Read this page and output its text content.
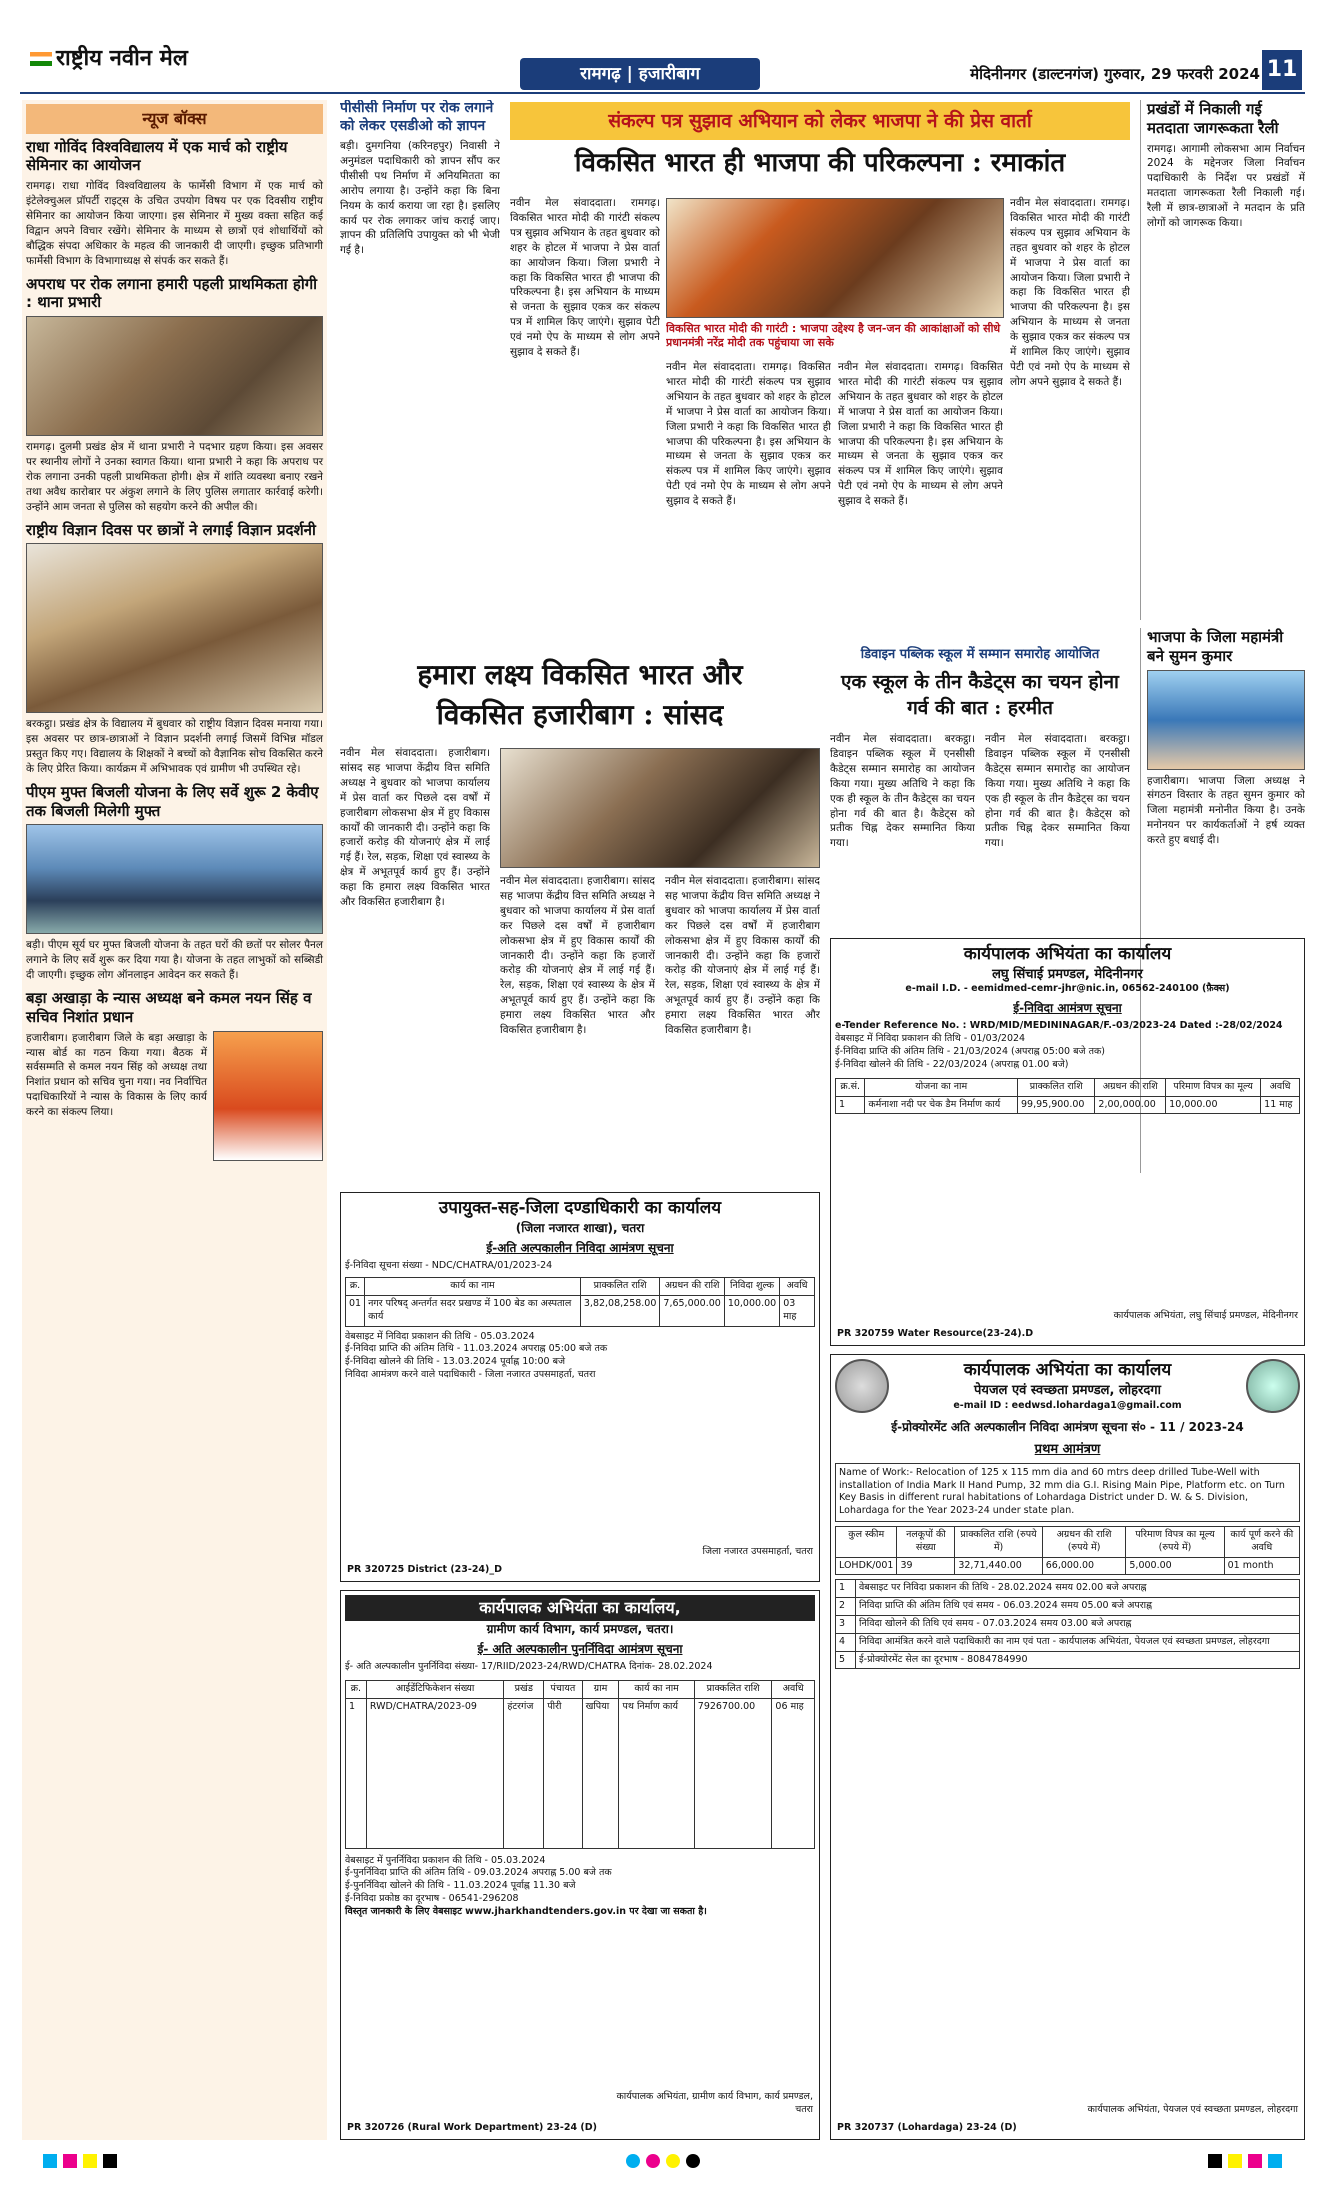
राष्ट्रीय नवीन मेल
रामगढ़ | हजारीबाग	मेदिनीनगर (डाल्टनगंज) गुरुवार, 29 फरवरी 2024 11
न्यूज बॉक्स
राधा गोविंद विश्वविद्यालय में एक मार्च को राष्ट्रीय सेमिनार का आयोजन

रामगढ़। राधा गोविंद विश्वविद्यालय के फार्मेसी विभाग में एक मार्च को इंटेलेक्चुअल प्रॉपर्टी राइट्स के उचित उपयोग विषय पर एक दिवसीय राष्ट्रीय सेमिनार का आयोजन किया जाएगा। इस सेमिनार में मुख्य वक्ता सहित कई विद्वान अपने विचार रखेंगे। सेमिनार के माध्यम से छात्रों एवं शोधार्थियों को बौद्धिक संपदा अधिकार के महत्व की जानकारी दी जाएगी। इच्छुक प्रतिभागी फार्मेसी विभाग के विभागाध्यक्ष से संपर्क कर सकते हैं।

अपराध पर रोक लगाना हमारी पहली प्राथमिकता होगी : थाना प्रभारी

रामगढ़। दुलमी प्रखंड क्षेत्र में थाना प्रभारी ने पदभार ग्रहण किया। इस अवसर पर स्थानीय लोगों ने उनका स्वागत किया। थाना प्रभारी ने कहा कि अपराध पर रोक लगाना उनकी पहली प्राथमिकता होगी। क्षेत्र में शांति व्यवस्था बनाए रखने तथा अवैध कारोबार पर अंकुश लगाने के लिए पुलिस लगातार कार्रवाई करेगी। उन्होंने आम जनता से पुलिस को सहयोग करने की अपील की।

राष्ट्रीय विज्ञान दिवस पर छात्रों ने लगाई विज्ञान प्रदर्शनी

बरकट्ठा। प्रखंड क्षेत्र के विद्यालय में बुधवार को राष्ट्रीय विज्ञान दिवस मनाया गया। इस अवसर पर छात्र-छात्राओं ने विज्ञान प्रदर्शनी लगाई जिसमें विभिन्न मॉडल प्रस्तुत किए गए। विद्यालय के शिक्षकों ने बच्चों को वैज्ञानिक सोच विकसित करने के लिए प्रेरित किया। कार्यक्रम में अभिभावक एवं ग्रामीण भी उपस्थित रहे।

पीएम मुफ्त बिजली योजना के लिए सर्वे शुरू 2 केवीए तक बिजली मिलेगी मुफ्त

बड़ी। पीएम सूर्य घर मुफ्त बिजली योजना के तहत घरों की छतों पर सोलर पैनल लगाने के लिए सर्वे शुरू कर दिया गया है। योजना के तहत लाभुकों को सब्सिडी दी जाएगी। इच्छुक लोग ऑनलाइन आवेदन कर सकते हैं।

बड़ा अखाड़ा के न्यास अध्यक्ष बने कमल नयन सिंह व सचिव निशांत प्रधान

हजारीबाग। हजारीबाग जिले के बड़ा अखाड़ा के न्यास बोर्ड का गठन किया गया। बैठक में सर्वसम्मति से कमल नयन सिंह को अध्यक्ष तथा निशांत प्रधान को सचिव चुना गया। नव निर्वाचित पदाधिकारियों ने न्यास के विकास के लिए कार्य करने का संकल्प लिया।

पीसीसी निर्माण पर रोक लगाने को लेकर एसडीओ को ज्ञापन

बड़ी। दुमगनिया (करिनहपुर) निवासी ने अनुमंडल पदाधिकारी को ज्ञापन सौंप कर पीसीसी पथ निर्माण में अनियमितता का आरोप लगाया है। उन्होंने कहा कि बिना नियम के कार्य कराया जा रहा है। इसलिए कार्य पर रोक लगाकर जांच कराई जाए। ज्ञापन की प्रतिलिपि उपायुक्त को भी भेजी गई है।

संकल्प पत्र सुझाव अभियान को लेकर भाजपा ने की प्रेस वार्ता
विकसित भारत ही भाजपा की परिकल्पना : रमाकांत

नवीन मेल संवाददाता। रामगढ़। विकसित भारत मोदी की गारंटी संकल्प पत्र सुझाव अभियान के तहत बुधवार को शहर के होटल में भाजपा ने प्रेस वार्ता का आयोजन किया। जिला प्रभारी ने कहा कि विकसित भारत ही भाजपा की परिकल्पना है। इस अभियान के माध्यम से जनता के सुझाव एकत्र कर संकल्प पत्र में शामिल किए जाएंगे। सुझाव पेटी एवं नमो ऐप के माध्यम से लोग अपने सुझाव दे सकते हैं।

विकसित भारत मोदी की गारंटी : भाजपा उद्देश्य है जन-जन की आकांक्षाओं को सीधे प्रधानमंत्री नरेंद्र मोदी तक पहुंचाया जा सके

नवीन मेल संवाददाता। रामगढ़। विकसित भारत मोदी की गारंटी संकल्प पत्र सुझाव अभियान के तहत बुधवार को शहर के होटल में भाजपा ने प्रेस वार्ता का आयोजन किया। जिला प्रभारी ने कहा कि विकसित भारत ही भाजपा की परिकल्पना है। इस अभियान के माध्यम से जनता के सुझाव एकत्र कर संकल्प पत्र में शामिल किए जाएंगे। सुझाव पेटी एवं नमो ऐप के माध्यम से लोग अपने सुझाव दे सकते हैं।

नवीन मेल संवाददाता। रामगढ़। विकसित भारत मोदी की गारंटी संकल्प पत्र सुझाव अभियान के तहत बुधवार को शहर के होटल में भाजपा ने प्रेस वार्ता का आयोजन किया। जिला प्रभारी ने कहा कि विकसित भारत ही भाजपा की परिकल्पना है। इस अभियान के माध्यम से जनता के सुझाव एकत्र कर संकल्प पत्र में शामिल किए जाएंगे। सुझाव पेटी एवं नमो ऐप के माध्यम से लोग अपने सुझाव दे सकते हैं।

नवीन मेल संवाददाता। रामगढ़। विकसित भारत मोदी की गारंटी संकल्प पत्र सुझाव अभियान के तहत बुधवार को शहर के होटल में भाजपा ने प्रेस वार्ता का आयोजन किया। जिला प्रभारी ने कहा कि विकसित भारत ही भाजपा की परिकल्पना है। इस अभियान के माध्यम से जनता के सुझाव एकत्र कर संकल्प पत्र में शामिल किए जाएंगे। सुझाव पेटी एवं नमो ऐप के माध्यम से लोग अपने सुझाव दे सकते हैं।

प्रखंडों में निकाली गई मतदाता जागरूकता रैली

रामगढ़। आगामी लोकसभा आम निर्वाचन 2024 के मद्देनजर जिला निर्वाचन पदाधिकारी के निर्देश पर प्रखंडों में मतदाता जागरूकता रैली निकाली गई। रैली में छात्र-छात्राओं ने मतदान के प्रति लोगों को जागरूक किया।

भाजपा के जिला महामंत्री बने सुमन कुमार

हजारीबाग। भाजपा जिला अध्यक्ष ने संगठन विस्तार के तहत सुमन कुमार को जिला महामंत्री मनोनीत किया है। उनके मनोनयन पर कार्यकर्ताओं ने हर्ष व्यक्त करते हुए बधाई दी।

हमारा लक्ष्य विकसित भारत और
विकसित हजारीबाग : सांसद

नवीन मेल संवाददाता। हजारीबाग। सांसद सह भाजपा केंद्रीय वित्त समिति अध्यक्ष ने बुधवार को भाजपा कार्यालय में प्रेस वार्ता कर पिछले दस वर्षों में हजारीबाग लोकसभा क्षेत्र में हुए विकास कार्यों की जानकारी दी। उन्होंने कहा कि हजारों करोड़ की योजनाएं क्षेत्र में लाई गई हैं। रेल, सड़क, शिक्षा एवं स्वास्थ्य के क्षेत्र में अभूतपूर्व कार्य हुए हैं। उन्होंने कहा कि हमारा लक्ष्य विकसित भारत और विकसित हजारीबाग है।

नवीन मेल संवाददाता। हजारीबाग। सांसद सह भाजपा केंद्रीय वित्त समिति अध्यक्ष ने बुधवार को भाजपा कार्यालय में प्रेस वार्ता कर पिछले दस वर्षों में हजारीबाग लोकसभा क्षेत्र में हुए विकास कार्यों की जानकारी दी। उन्होंने कहा कि हजारों करोड़ की योजनाएं क्षेत्र में लाई गई हैं। रेल, सड़क, शिक्षा एवं स्वास्थ्य के क्षेत्र में अभूतपूर्व कार्य हुए हैं। उन्होंने कहा कि हमारा लक्ष्य विकसित भारत और विकसित हजारीबाग है।

नवीन मेल संवाददाता। हजारीबाग। सांसद सह भाजपा केंद्रीय वित्त समिति अध्यक्ष ने बुधवार को भाजपा कार्यालय में प्रेस वार्ता कर पिछले दस वर्षों में हजारीबाग लोकसभा क्षेत्र में हुए विकास कार्यों की जानकारी दी। उन्होंने कहा कि हजारों करोड़ की योजनाएं क्षेत्र में लाई गई हैं। रेल, सड़क, शिक्षा एवं स्वास्थ्य के क्षेत्र में अभूतपूर्व कार्य हुए हैं। उन्होंने कहा कि हमारा लक्ष्य विकसित भारत और विकसित हजारीबाग है।

डिवाइन पब्लिक स्कूल में सम्मान समारोह आयोजित
एक स्कूल के तीन कैडेट्स का चयन होना गर्व की बात : हरमीत

नवीन मेल संवाददाता। बरकट्ठा। डिवाइन पब्लिक स्कूल में एनसीसी कैडेट्स सम्मान समारोह का आयोजन किया गया। मुख्य अतिथि ने कहा कि एक ही स्कूल के तीन कैडेट्स का चयन होना गर्व की बात है। कैडेट्स को प्रतीक चिह्न देकर सम्मानित किया गया।

नवीन मेल संवाददाता। बरकट्ठा। डिवाइन पब्लिक स्कूल में एनसीसी कैडेट्स सम्मान समारोह का आयोजन किया गया। मुख्य अतिथि ने कहा कि एक ही स्कूल के तीन कैडेट्स का चयन होना गर्व की बात है। कैडेट्स को प्रतीक चिह्न देकर सम्मानित किया गया।

कार्यपालक अभियंता का कार्यालय
लघु सिंचाई प्रमण्डल, मेदिनीनगर
e-mail I.D. - eemidmed-cemr-jhr@nic.in, 06562-240100 (फ़ैक्स)
ई-निविदा आमंत्रण सूचना
e-Tender Reference No. : WRD/MID/MEDININAGAR/F.-03/2023-24 Dated :-28/02/2024
वेबसाइट में निविदा प्रकाशन की तिथि - 01/03/2024
ई-निविदा प्राप्ति की अंतिम तिथि - 21/03/2024 (अपराह्न 05:00 बजे तक)
ई-निविदा खोलने की तिथि - 22/03/2024 (अपराह्न 01.00 बजे)
क्र.सं.	योजना का नाम	प्राक्कलित राशि	अग्रधन की राशि	परिमाण विपत्र का मूल्य	अवधि
1	कर्मनाशा नदी पर चेक डैम निर्माण कार्य	99,95,900.00	2,00,000.00	10,000.00	11 माह
कार्यपालक अभियंता, लघु सिंचाई प्रमण्डल, मेदिनीनगर
PR 320759 Water Resource(23-24).D
उपायुक्त-सह-जिला दण्डाधिकारी का कार्यालय
(जिला नजारत शाखा), चतरा
ई-अति अल्पकालीन निविदा आमंत्रण सूचना
ई-निविदा सूचना संख्या - NDC/CHATRA/01/2023-24
क्र.	कार्य का नाम	प्राक्कलित राशि	अग्रधन की राशि	निविदा शुल्क	अवधि
01	नगर परिषद् अन्तर्गत सदर प्रखण्ड में 100 बेड का अस्पताल कार्य	3,82,08,258.00	7,65,000.00	10,000.00	03 माह
वेबसाइट में निविदा प्रकाशन की तिथि - 05.03.2024
ई-निविदा प्राप्ति की अंतिम तिथि - 11.03.2024 अपराह्न 05:00 बजे तक
ई-निविदा खोलने की तिथि - 13.03.2024 पूर्वाह्न 10:00 बजे
निविदा आमंत्रण करने वाले पदाधिकारी - जिला नजारत उपसमाहर्ता, चतरा
जिला नजारत उपसमाहर्ता, चतरा
PR 320725 District (23-24)_D
कार्यपालक अभियंता का कार्यालय,
ग्रामीण कार्य विभाग, कार्य प्रमण्डल, चतरा।
ई- अति अल्पकालीन पुनर्निविदा आमंत्रण सूचना
ई- अति अल्पकालीन पुनर्निविदा संख्या- 17/RIID/2023-24/RWD/CHATRA दिनांक- 28.02.2024
क्र.	आईडेंटिफिकेशन संख्या	प्रखंड	पंचायत	ग्राम	कार्य का नाम	प्राक्कलित राशि	अवधि
1	RWD/CHATRA/2023-09	हंटरगंज	पीरी	खपिया	पथ निर्माण कार्य	7926700.00	06 माह
वेबसाइट में पुनर्निविदा प्रकाशन की तिथि - 05.03.2024
ई-पुनर्निविदा प्राप्ति की अंतिम तिथि - 09.03.2024 अपराह्न 5.00 बजे तक
ई-पुनर्निविदा खोलने की तिथि - 11.03.2024 पूर्वाह्न 11.30 बजे
ई-निविदा प्रकोष्ठ का दूरभाष - 06541-296208
विस्तृत जानकारी के लिए वेबसाइट www.jharkhandtenders.gov.in पर देखा जा सकता है।
कार्यपालक अभियंता, ग्रामीण कार्य विभाग, कार्य प्रमण्डल, चतरा
PR 320726 (Rural Work Department) 23-24 (D)
कार्यपालक अभियंता का कार्यालय
पेयजल एवं स्वच्छता प्रमण्डल, लोहरदगा
e-mail ID : eedwsd.lohardaga1@gmail.com
ई-प्रोक्योरमेंट अति अल्पकालीन निविदा आमंत्रण सूचना सं० - 11 / 2023-24
प्रथम आमंत्रण
Name of Work:- Relocation of 125 x 115 mm dia and 60 mtrs deep drilled Tube-Well with installation of India Mark II Hand Pump, 32 mm dia G.I. Rising Main Pipe, Platform etc. on Turn Key Basis in different rural habitations of Lohardaga District under D. W. & S. Division, Lohardaga for the Year 2023-24 under state plan.
कुल स्कीम	नलकूपों की संख्या	प्राक्कलित राशि (रुपये में)	अग्रधन की राशि (रुपये में)	परिमाण विपत्र का मूल्य (रुपये में)	कार्य पूर्ण करने की अवधि
LOHDK/001	39	32,71,440.00	66,000.00	5,000.00	01 month
1	वेबसाइट पर निविदा प्रकाशन की तिथि - 28.02.2024 समय 02.00 बजे अपराह्न
2	निविदा प्राप्ति की अंतिम तिथि एवं समय - 06.03.2024 समय 05.00 बजे अपराह्न
3	निविदा खोलने की तिथि एवं समय - 07.03.2024 समय 03.00 बजे अपराह्न
4	निविदा आमंत्रित करने वाले पदाधिकारी का नाम एवं पता - कार्यपालक अभियंता, पेयजल एवं स्वच्छता प्रमण्डल, लोहरदगा
5	ई-प्रोक्योरमेंट सेल का दूरभाष - 8084784990
कार्यपालक अभियंता, पेयजल एवं स्वच्छता प्रमण्डल, लोहरदगा
PR 320737 (Lohardaga) 23-24 (D)
